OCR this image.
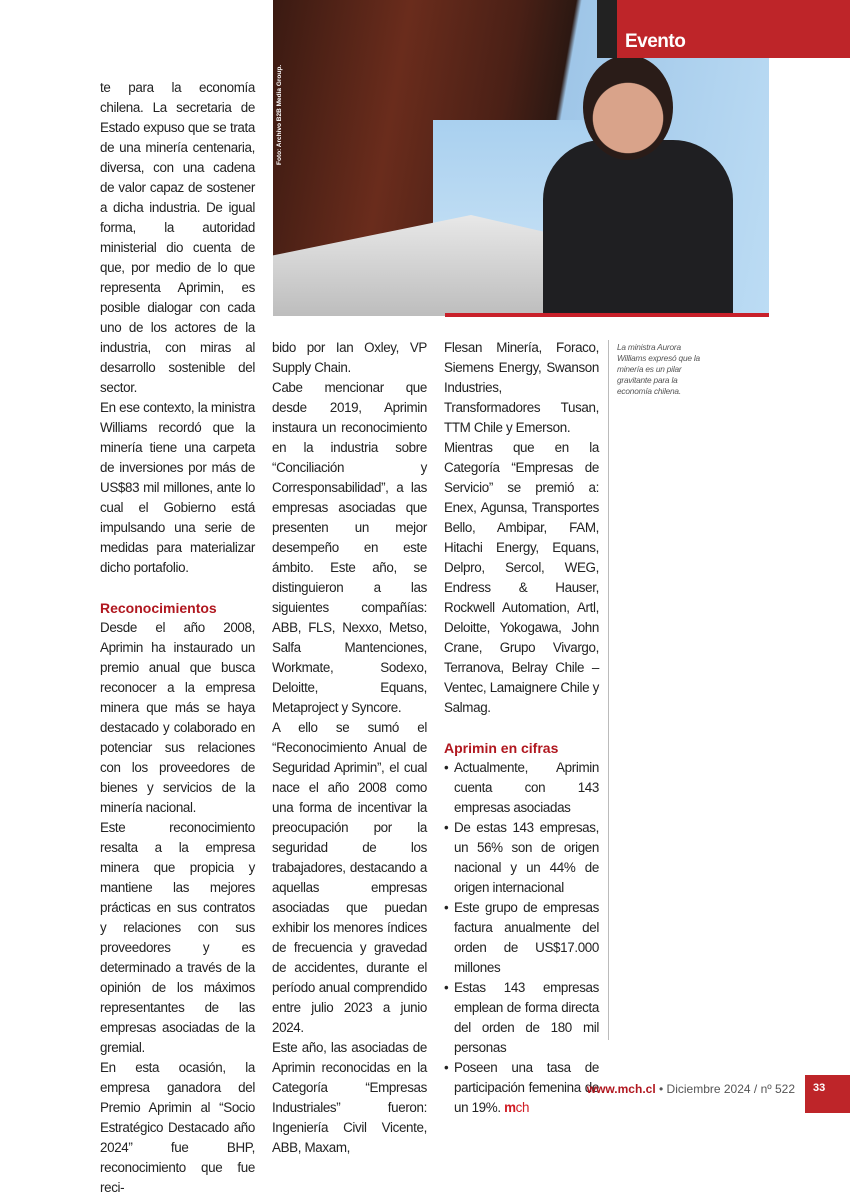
Foto: Archivo B2B Media Group.
Evento

te para la economía chilena. La secretaria de Estado expuso que se trata de una minería centenaria, diversa, con una cadena de valor capaz de sostener a dicha industria. De igual forma, la autoridad ministerial dio cuenta de que, por medio de lo que representa Aprimin, es posible dialogar con cada uno de los actores de la industria, con miras al desarrollo sostenible del sector.

En ese contexto, la ministra Williams recordó que la minería tiene una carpeta de inversiones por más de US$83 mil millones, ante lo cual el Gobierno está impulsando una serie de medidas para materializar dicho portafolio.

Reconocimientos

Desde el año 2008, Aprimin ha instaurado un premio anual que busca reconocer a la empresa minera que más se haya destacado y colaborado en potenciar sus relaciones con los proveedores de bienes y servicios de la minería nacional.

Este reconocimiento resalta a la empresa minera que propicia y mantiene las mejores prácticas en sus contratos y relaciones con sus proveedores y es determinado a través de la opinión de los máximos representantes de las empresas asociadas de la gremial.

En esta ocasión, la empresa ganadora del Premio Aprimin al “Socio Estratégico Destacado año 2024” fue BHP, reconocimiento que fue reci-

bido por Ian Oxley, VP Supply Chain.

Cabe mencionar que desde 2019, Aprimin instaura un reconocimiento en la industria sobre “Conciliación y Corresponsabilidad”, a las empresas asociadas que presenten un mejor desempeño en este ámbito. Este año, se distinguieron a las siguientes compañías: ABB, FLS, Nexxo, Metso, Salfa Mantenciones, Workmate, Sodexo, Deloitte, Equans, Metaproject y Syncore.

A ello se sumó el “Reconocimiento Anual de Seguridad Aprimin”, el cual nace el año 2008 como una forma de incentivar la preocupación por la seguridad de los trabajadores, destacando a aquellas empresas asociadas que puedan exhibir los menores índices de frecuencia y gravedad de accidentes, durante el período anual comprendido entre julio 2023 a junio 2024.

Este año, las asociadas de Aprimin reconocidas en la Categoría “Empresas Industriales” fueron: Ingeniería Civil Vicente, ABB, Maxam,

Flesan Minería, Foraco, Siemens Energy, Swanson Industries, Transformadores Tusan, TTM Chile y Emerson.

Mientras que en la Categoría “Empresas de Servicio” se premió a: Enex, Agunsa, Transportes Bello, Ambipar, FAM, Hitachi Energy, Equans, Delpro, Sercol, WEG, Endress & Hauser, Rockwell Automation, Artl, Deloitte, Yokogawa, John Crane, Grupo Vivargo, Terranova, Belray Chile – Ventec, Lamaignere Chile y Salmag.

Aprimin en cifras
• Actualmente, Aprimin cuenta con 143 empresas asociadas
• De estas 143 empresas, un 56% son de origen nacional y un 44% de origen internacional
• Este grupo de empresas factura anualmente del orden de US$17.000 millones
• Estas 143 empresas emplean de forma directa del orden de 180 mil personas
• Poseen una tasa de participación femenina de un 19%. mch
La ministra Aurora Williams expresó que la minería es un pilar gravitante para la economía chilena.
www.mch.cl • Diciembre 2024 / nº 522	33
